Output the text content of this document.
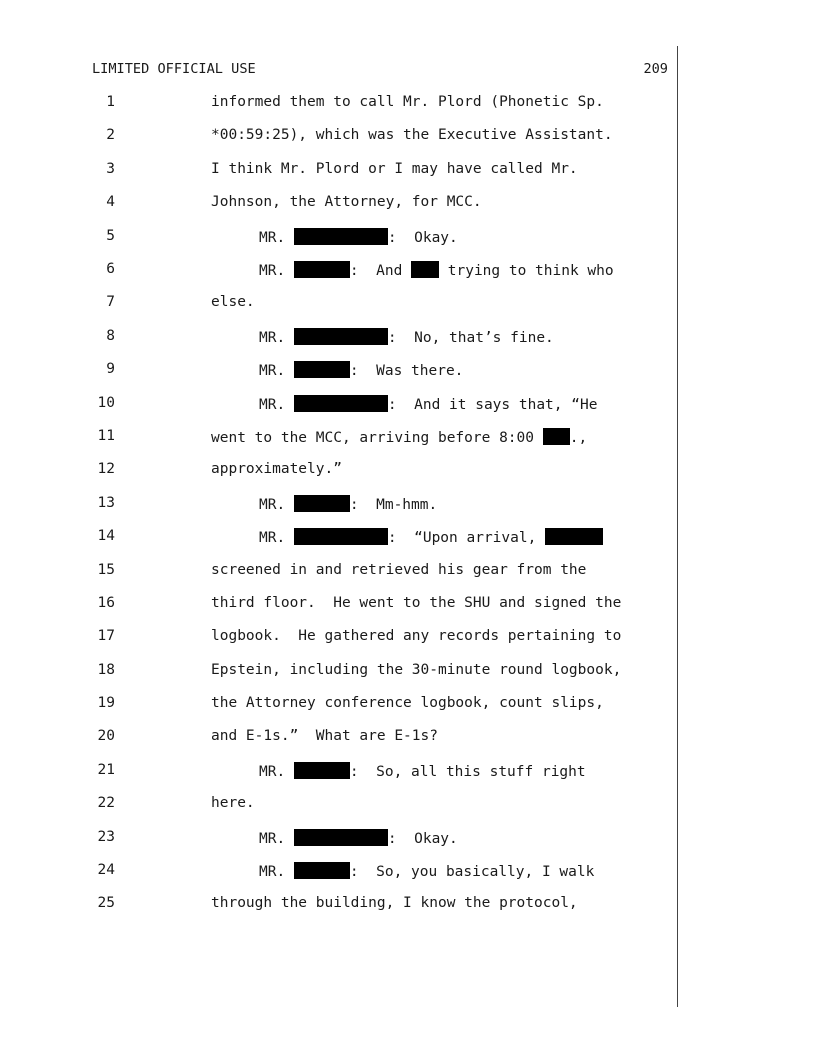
LIMITED OFFICIAL USE	209

1

	informed them to call Mr. Plord (Phonetic Sp.

2

	*00:59:25), which was the Executive Assistant.

3

	I think Mr. Plord or I may have called Mr.

4

	Johnson, the Attorney, for MCC.

5

	MR.	:  Okay.

6

	MR.	:  And  trying to think who

7

	else.

8

	MR.	:  No, that’s fine.

9

	MR.	:  Was there.

10

	MR.	:  And it says that, “He

11

	went to the MCC, arriving before 8:00 .,

12

	approximately.”

13

	MR.	:  Mm-hmm.

14

	MR.	:  “Upon arrival,

15

	screened in and retrieved his gear from the

16

	third floor.  He went to the SHU and signed the

17

	logbook.  He gathered any records pertaining to

18

	Epstein, including the 30-minute round logbook,

19

	the Attorney conference logbook, count slips,

20

	and E-1s.”  What are E-1s?

21

	MR.	:  So, all this stuff right

22

	here.

23

	MR.	:  Okay.

24

	MR.	:  So, you basically, I walk

25

	through the building, I know the protocol,
